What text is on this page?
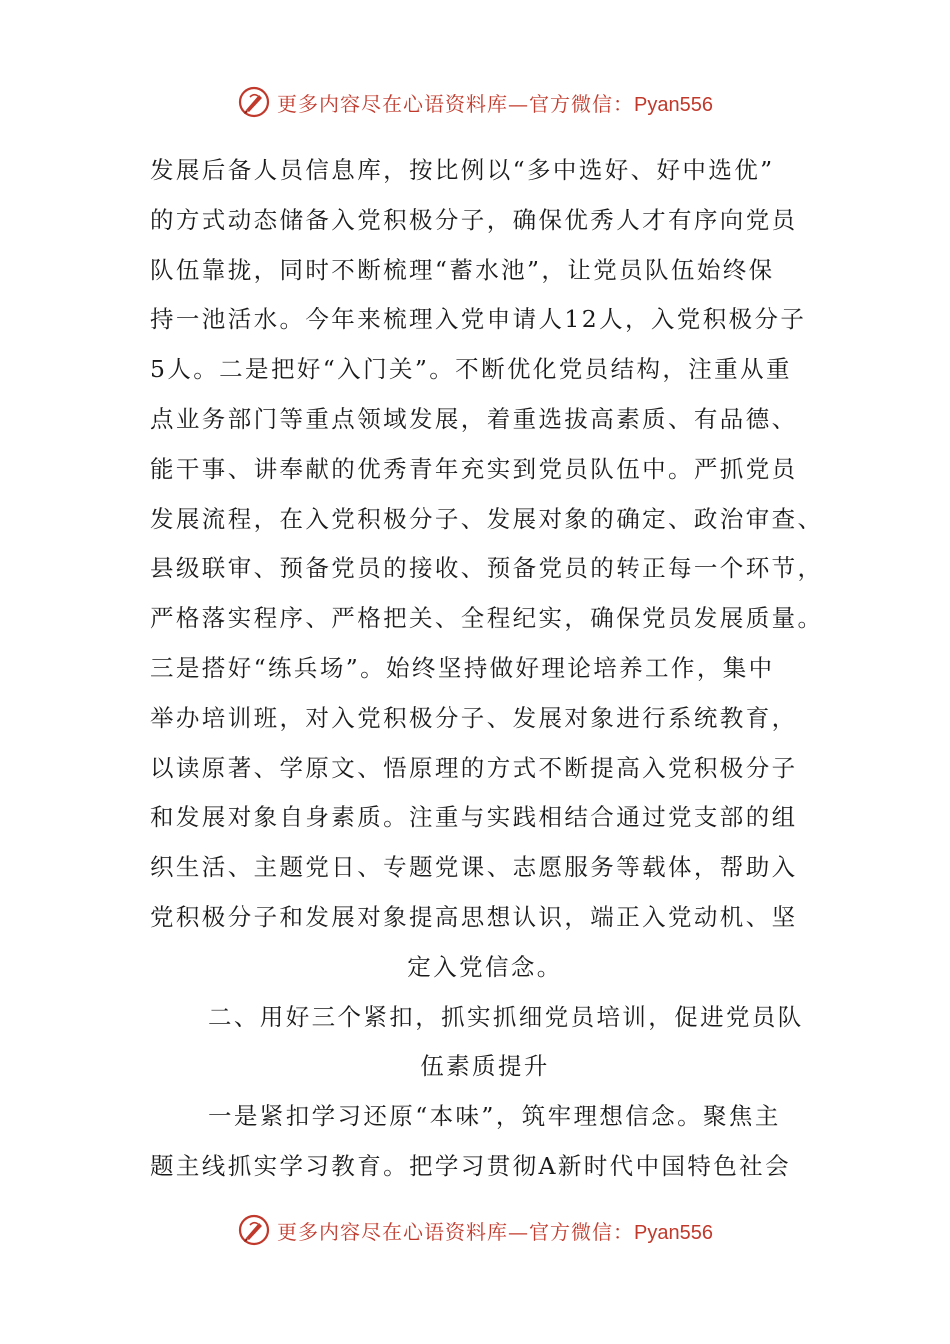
更多内容尽在心语资料库—官方微信：Pyan556
发展后备人员信息库，按比例以“多中选好、好中选优”
的方式动态储备入党积极分子，确保优秀人才有序向党员
队伍靠拢，同时不断梳理“蓄水池”，让党员队伍始终保
持一池活水。今年来梳理入党申请人12人，入党积极分子
5人。二是把好“入门关”。不断优化党员结构，注重从重
点业务部门等重点领域发展，着重选拔高素质、有品德、
能干事、讲奉献的优秀青年充实到党员队伍中。严抓党员
发展流程，在入党积极分子、发展对象的确定、政治审查、
县级联审、预备党员的接收、预备党员的转正每一个环节，
严格落实程序、严格把关、全程纪实，确保党员发展质量。
三是搭好“练兵场”。始终坚持做好理论培养工作，集中
举办培训班，对入党积极分子、发展对象进行系统教育，
以读原著、学原文、悟原理的方式不断提高入党积极分子
和发展对象自身素质。注重与实践相结合通过党支部的组
织生活、主题党日、专题党课、志愿服务等载体，帮助入
党积极分子和发展对象提高思想认识，端正入党动机、坚
定入党信念。
二、用好三个紧扣，抓实抓细党员培训，促进党员队
伍素质提升
一是紧扣学习还原“本味”，筑牢理想信念。聚焦主
题主线抓实学习教育。把学习贯彻A新时代中国特色社会
更多内容尽在心语资料库—官方微信：Pyan556
